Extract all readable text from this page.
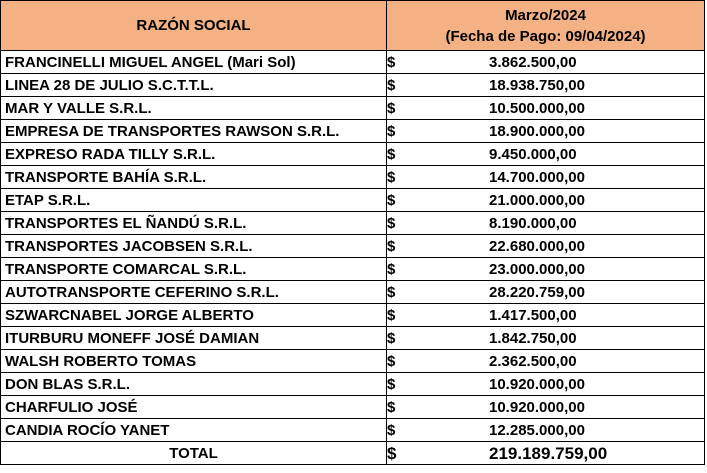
RAZÓN SOCIAL	Marzo/2024
(Fecha de Pago: 09/04/2024)

FRANCINELLI MIGUEL ANGEL (Mari Sol)	$ 3.862.500,00
LINEA 28 DE JULIO S.C.T.T.L.	$ 18.938.750,00
MAR Y VALLE S.R.L.	$ 10.500.000,00
EMPRESA DE TRANSPORTES RAWSON S.R.L.	$ 18.900.000,00
EXPRESO RADA TILLY S.R.L.	$ 9.450.000,00
TRANSPORTE BAHÍA S.R.L.	$ 14.700.000,00
ETAP S.R.L.	$ 21.000.000,00
TRANSPORTES EL ÑANDÚ S.R.L.	$ 8.190.000,00
TRANSPORTES JACOBSEN S.R.L.	$ 22.680.000,00
TRANSPORTE COMARCAL S.R.L.	$ 23.000.000,00
AUTOTRANSPORTE CEFERINO S.R.L.	$ 28.220.759,00
SZWARCNABEL JORGE ALBERTO	$ 1.417.500,00
ITURBURU MONEFF JOSÉ DAMIAN	$ 1.842.750,00
WALSH ROBERTO TOMAS	$ 2.362.500,00
DON BLAS S.R.L.	$ 10.920.000,00
CHARFULIO JOSÉ	$ 10.920.000,00
CANDIA ROCÍO YANET	$ 12.285.000,00
TOTAL	$ 219.189.759,00
